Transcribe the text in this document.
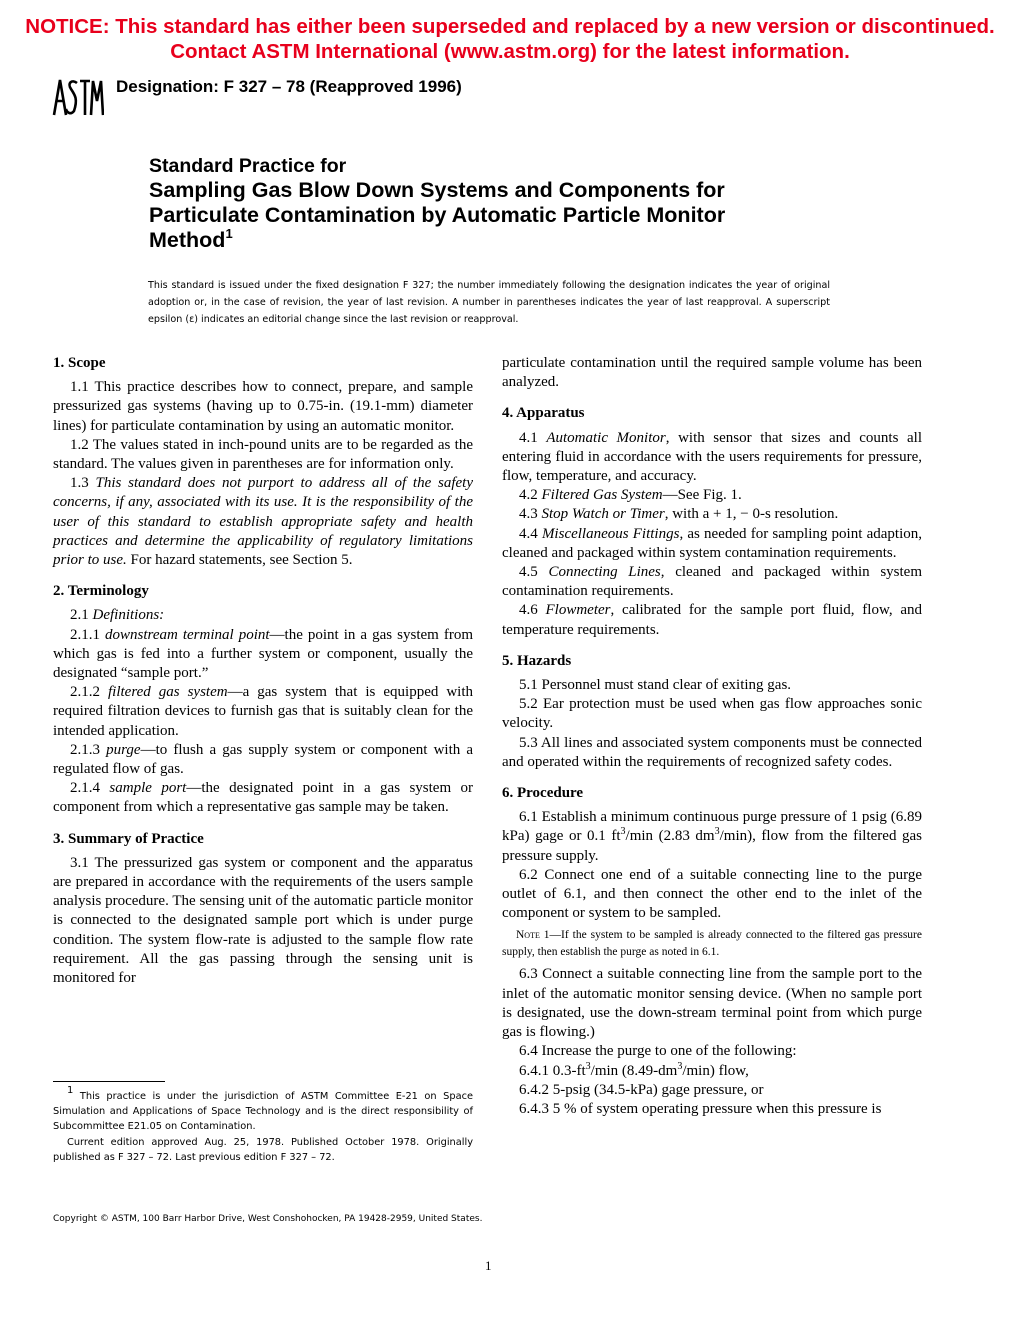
NOTICE: This standard has either been superseded and replaced by a new version or discontinued.
Contact ASTM International (www.astm.org) for the latest information.
Designation: F 327 – 78 (Reapproved 1996)
Standard Practice for
Sampling Gas Blow Down Systems and Components for
Particulate Contamination by Automatic Particle Monitor
Method$^1$
This standard is issued under the fixed designation F 327; the number immediately following the designation indicates the year of original adoption or, in the case of revision, the year of last revision. A number in parentheses indicates the year of last reapproval. A superscript epsilon (ε) indicates an editorial change since the last revision or reapproval.
1. Scope

1.1 This practice describes how to connect, prepare, and sample pressurized gas systems (having up to 0.75-in. (19.1-mm) diameter lines) for particulate contamination by using an automatic monitor.

1.2 The values stated in inch-pound units are to be regarded as the standard. The values given in parentheses are for information only.

1.3 This standard does not purport to address all of the safety concerns, if any, associated with its use. It is the responsibility of the user of this standard to establish appropriate safety and health practices and determine the applicability of regulatory limitations prior to use. For hazard statements, see Section 5.

2. Terminology

2.1 Definitions:

2.1.1 downstream terminal point—the point in a gas system from which gas is fed into a further system or component, usually the designated “sample port.”

2.1.2 filtered gas system—a gas system that is equipped with required filtration devices to furnish gas that is suitably clean for the intended application.

2.1.3 purge—to flush a gas supply system or component with a regulated flow of gas.

2.1.4 sample port—the designated point in a gas system or component from which a representative gas sample may be taken.

3. Summary of Practice

3.1 The pressurized gas system or component and the apparatus are prepared in accordance with the requirements of the users sample analysis procedure. The sensing unit of the automatic particle monitor is connected to the designated sample port which is under purge condition. The system flow-rate is adjusted to the sample flow rate requirement. All the gas passing through the sensing unit is monitored for

particulate contamination until the required sample volume has been analyzed.

4. Apparatus

4.1 Automatic Monitor, with sensor that sizes and counts all entering fluid in accordance with the users requirements for pressure, flow, temperature, and accuracy.

4.2 Filtered Gas System—See Fig. 1.

4.3 Stop Watch or Timer, with a + 1, − 0-s resolution.

4.4 Miscellaneous Fittings, as needed for sampling point adaption, cleaned and packaged within system contamination requirements.

4.5 Connecting Lines, cleaned and packaged within system contamination requirements.

4.6 Flowmeter, calibrated for the sample port fluid, flow, and temperature requirements.

5. Hazards

5.1 Personnel must stand clear of exiting gas.

5.2 Ear protection must be used when gas flow approaches sonic velocity.

5.3 All lines and associated system components must be connected and operated within the requirements of recognized safety codes.

6. Procedure

6.1 Establish a minimum continuous purge pressure of 1 psig (6.89 kPa) gage or 0.1 $ft^3/\min$ (2.83 $dm^3/\min$), flow from the filtered gas pressure supply.

6.2 Connect one end of a suitable connecting line to the purge outlet of 6.1, and then connect the other end to the inlet of the component or system to be sampled.

Note 1—If the system to be sampled is already connected to the filtered gas pressure supply, then establish the purge as noted in 6.1.

6.3 Connect a suitable connecting line from the sample port to the inlet of the automatic monitor sensing device. (When no sample port is designated, use the down-stream terminal point from which purge gas is flowing.)

6.4 Increase the purge to one of the following:

6.4.1 $0.3-ft^3/\min$ $(8.49-dm^3/\min)$ flow,

6.4.2 5-psig (34.5-kPa) gage pressure, or

6.4.3 5 % of system operating pressure when this pressure is

$^1$ This practice is under the jurisdiction of ASTM Committee E-21 on Space Simulation and Applications of Space Technology and is the direct responsibility of Subcommittee E21.05 on Contamination.

Current edition approved Aug. 25, 1978. Published October 1978. Originally published as F 327 – 72. Last previous edition F 327 – 72.

Copyright © ASTM, 100 Barr Harbor Drive, West Conshohocken, PA 19428-2959, United States.
1
